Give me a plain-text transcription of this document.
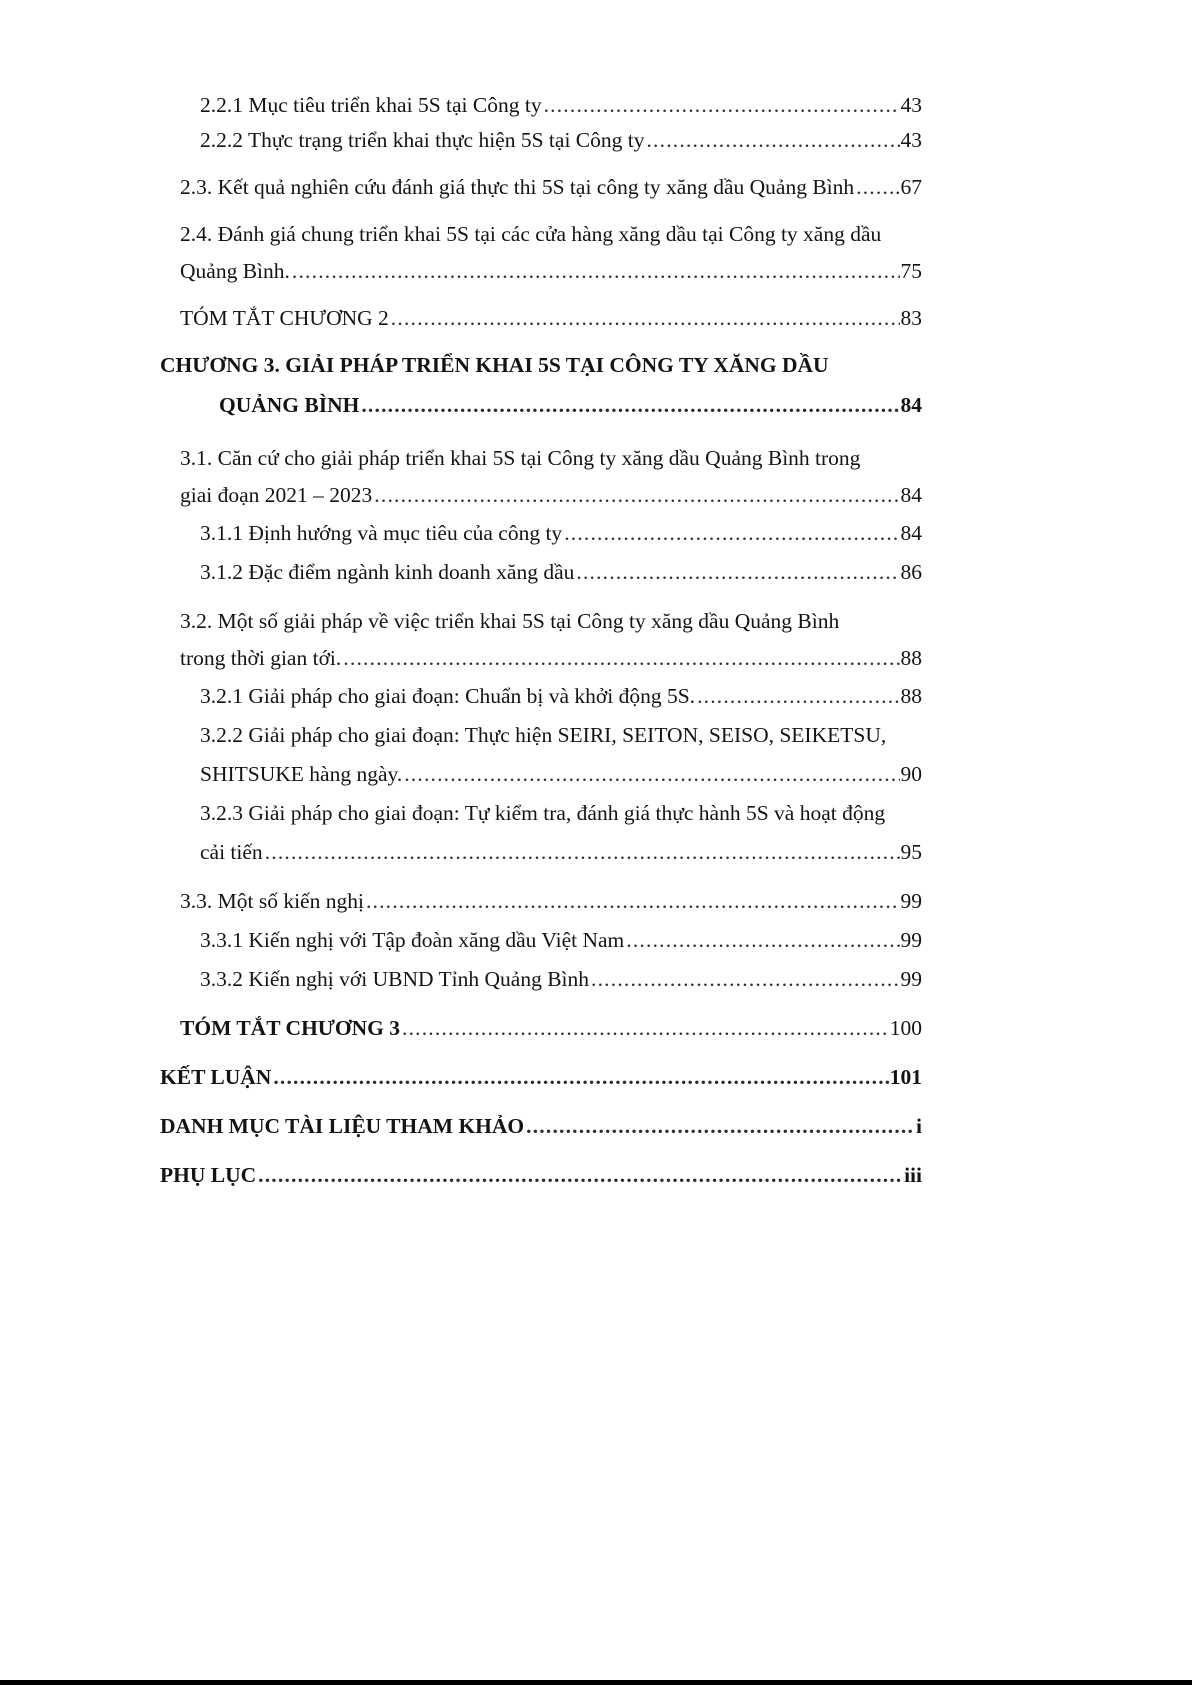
2.2.1 Mục tiêu triển khai 5S tại Công ty .....	43
2.2.2 Thực trạng triển khai thực hiện 5S tại Công ty .....	43
2.3. Kết quả nghiên cứu đánh giá thực thi 5S tại công ty xăng dầu Quảng Bình ..... .67
2.4. Đánh giá chung triển khai 5S tại các cửa hàng xăng dầu tại Công ty xăng dầu
Quảng Bình. .....	75
TÓM TẮT CHƯƠNG 2 .....	83
CHƯƠNG 3. GIẢI PHÁP TRIỂN KHAI 5S TẠI CÔNG TY XĂNG DẦU
QUẢNG BÌNH .....	84
3.1. Căn cứ cho giải pháp triển khai 5S tại Công ty xăng dầu Quảng Bình trong
giai đoạn 2021 – 2023 .....	84
3.1.1 Định hướng và mục tiêu của công ty .....	84
3.1.2 Đặc điểm ngành kinh doanh xăng dầu .....	86
3.2. Một số giải pháp về việc triển khai 5S tại Công ty xăng dầu Quảng Bình
trong thời gian tới. .....	88
3.2.1 Giải pháp cho giai đoạn: Chuẩn bị và khởi động 5S. .....	88
3.2.2 Giải pháp cho giai đoạn: Thực hiện SEIRI, SEITON, SEISO, SEIKETSU,
SHITSUKE hàng ngày. .....	90
3.2.3 Giải pháp cho giai đoạn: Tự kiểm tra, đánh giá thực hành 5S và hoạt động
cải tiến .....	95
3.3. Một số kiến nghị .....	99
3.3.1 Kiến nghị với Tập đoàn xăng dầu Việt Nam .....	99
3.3.2 Kiến nghị với UBND Tỉnh Quảng Bình .....	99
TÓM TẮT CHƯƠNG 3 .....	100
KẾT LUẬN .....	101
DANH MỤC TÀI LIỆU THAM KHẢO .....	i
PHỤ LỤC .....	iii
